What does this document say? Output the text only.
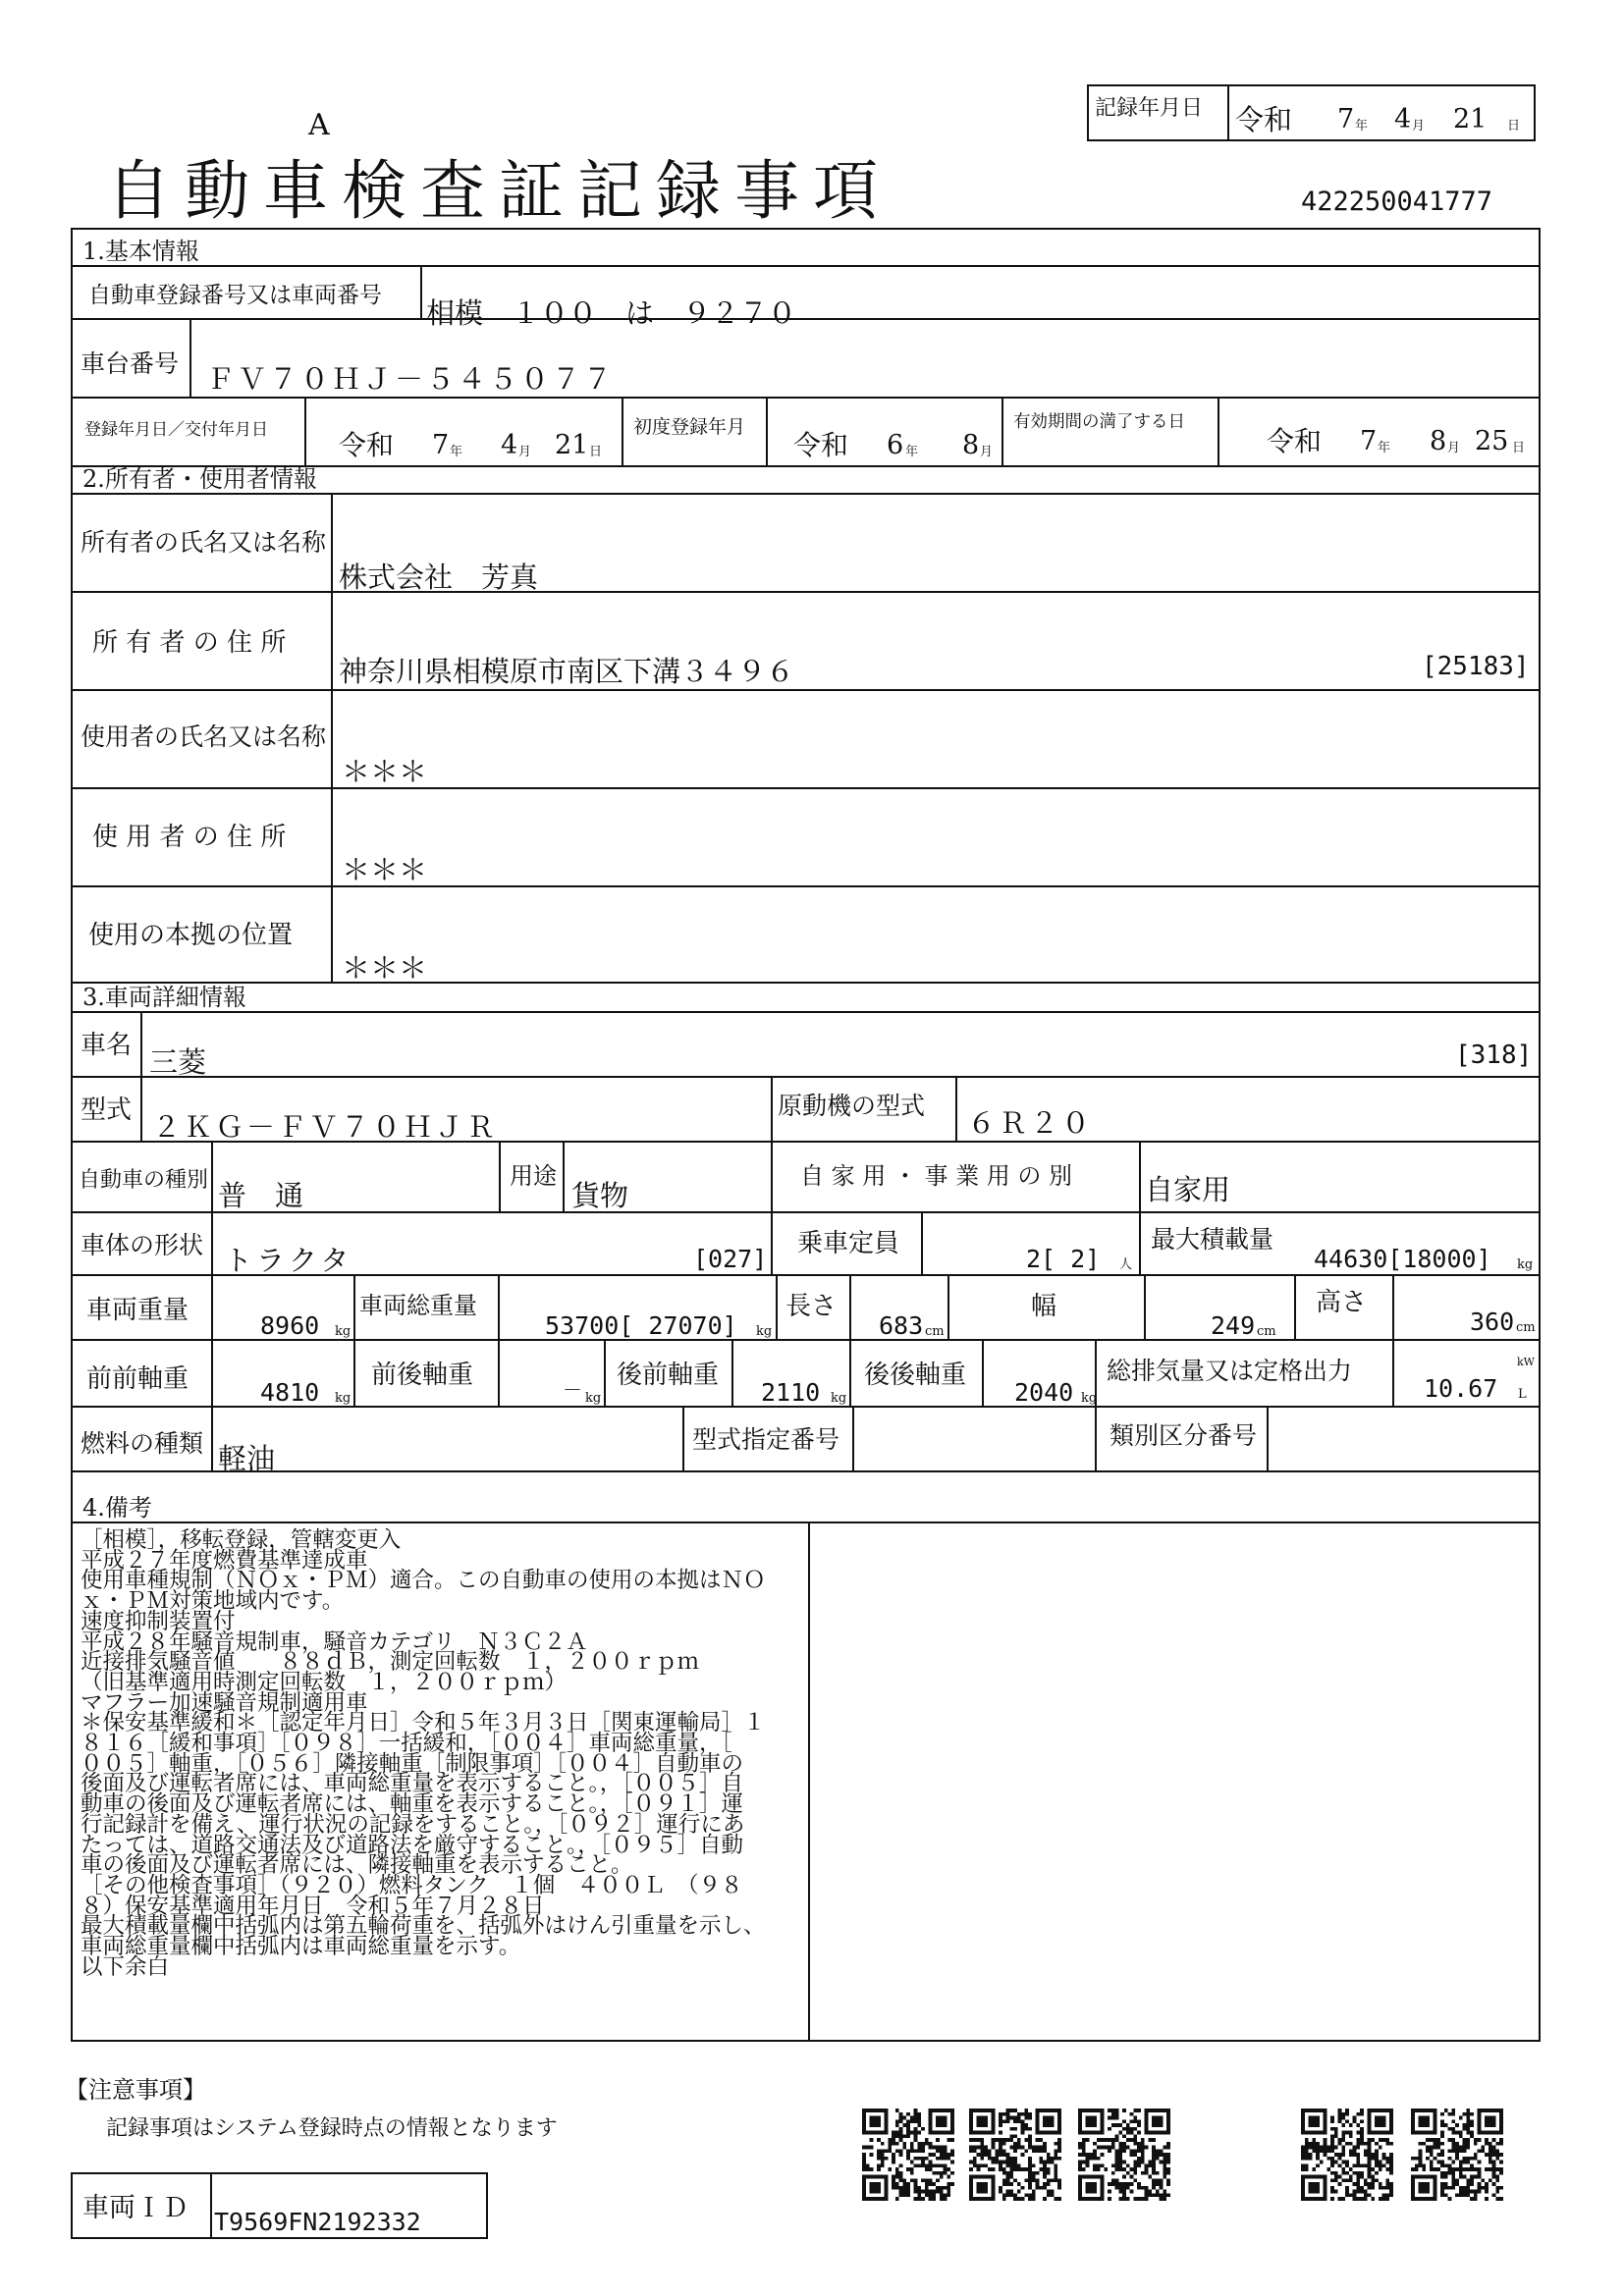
A
自動車検査証記録事項	422250041777
記録年月日 令和 7 年 4 月 21 日
1.基本情報
自動車登録番号又は車両番号
相模　１００　は　９２７０
車台番号 ＦＶ７０ＨＪ－５４５０７７
登録年月日／交付年月日	令和 7 年 4 月 21 日
初度登録年月
令和 6 年 8 月
有効期間の満了する日
令和 7 年 8 月 25 日
2.所有者・使用者情報
所有者の氏名又は名称
株式会社　芳真
所 有 者 の 住 所
神奈川県相模原市南区下溝３４９６	[25183]
使用者の氏名又は名称
＊＊＊
使 用 者 の 住 所
＊＊＊
使用の本拠の位置
＊＊＊
3.車両詳細情報
車名 三菱	[318]
型式 ２ＫＧ－ＦＶ７０ＨＪＲ
原動機の型式
６Ｒ２０
自動車の種別 普　通
用途
貨物
自 家 用 ・ 事 業 用 の 別	自家用
車体の形状 トラクタ	[027]
乗車定員
2[ 2] 人
最大積載量
44630[18000] kg
車両重量
8960 kg
車両総重量
53700[ 27070] kg
長さ
683 cm
幅
249 cm
高さ
360 cm
前前軸重	4810 kg
前後軸重	－ kg
後前軸重
2110 kg
後後軸重
2040 kg
総排気量又は定格出力
10.67
kW
L
燃料の種類 軽油
型式指定番号	類別区分番号
4.備考
［相模］，移転登録，管轄変更入
平成２７年度燃費基準達成車
使用車種規制（ＮＯｘ・ＰＭ）適合。この自動車の使用の本拠はＮＯ
ｘ・ＰＭ対策地域内です。
速度抑制装置付
平成２８年騒音規制車，騒音カテゴリ　Ｎ３Ｃ２Ａ
近接排気騒音値　　８８ｄＢ，測定回転数　１，２００ｒｐｍ
（旧基準適用時測定回転数　１，２００ｒｐｍ）
マフラー加速騒音規制適用車
＊保安基準緩和＊［認定年月日］令和５年３月３日［関東運輸局］１
８１６［緩和事項］［０９８］一括緩和，［００４］車両総重量，［
００５］軸重，［０５６］隣接軸重［制限事項］［００４］自動車の
後面及び運転者席には、車両総重量を表示すること。，［００５］自
動車の後面及び運転者席には、軸重を表示すること。，［０９１］運
行記録計を備え、運行状況の記録をすること。，［０９２］運行にあ
たっては、道路交通法及び道路法を厳守すること。，［０９５］自動
車の後面及び運転者席には、隣接軸重を表示すること。
［その他検査事項］（９２０）燃料タンク　１個　４００Ｌ　（９８
８）保安基準適用年月日　令和５年７月２８日
最大積載量欄中括弧内は第五輪荷重を、括弧外はけん引重量を示し、
車両総重量欄中括弧内は車両総重量を示す。
以下余白
【注意事項】
記録事項はシステム登録時点の情報となります
車両ＩＤ T9569FN2192332
